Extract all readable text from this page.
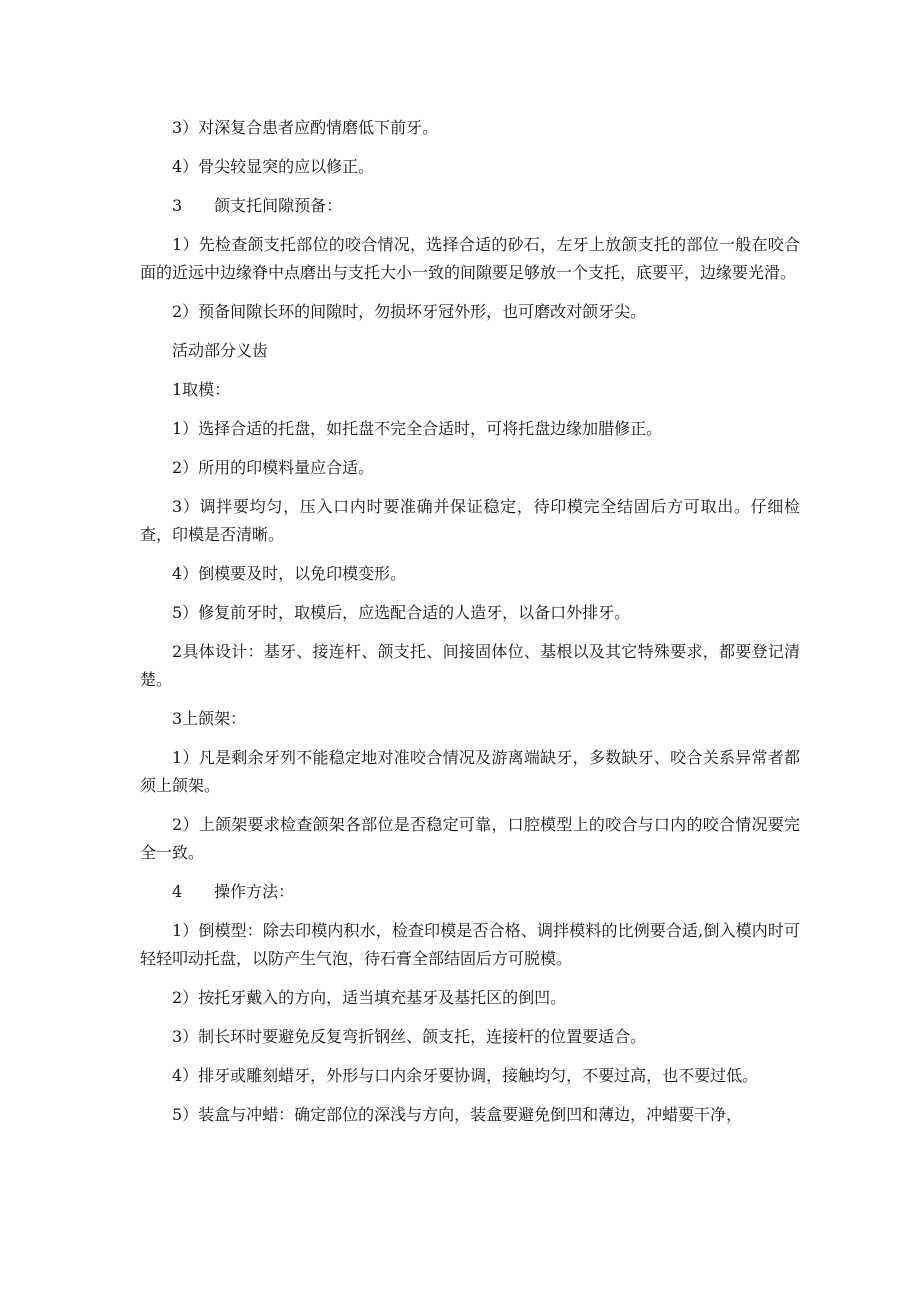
3）对深复合患者应酌情磨低下前牙。

4）骨尖较显突的应以修正。

3　　颌支托间隙预备：

1）先检查颌支托部位的咬合情况，选择合适的砂石，左牙上放颌支托的部位一般在咬合面的近远中边缘脊中点磨出与支托大小一致的间隙要足够放一个支托，底要平，边缘要光滑。

2）预备间隙长环的间隙时，勿损坏牙冠外形，也可磨改对颌牙尖。

活动部分义齿

1取模：

1）选择合适的托盘，如托盘不完全合适时，可将托盘边缘加腊修正。

2）所用的印模料量应合适。

3）调拌要均匀，压入口内时要准确并保证稳定，待印模完全结固后方可取出。仔细检查，印模是否清晰。

4）倒模要及时，以免印模变形。

5）修复前牙时，取模后，应选配合适的人造牙，以备口外排牙。

2具体设计：基牙、接连杆、颌支托、间接固体位、基根以及其它特殊要求，都要登记清楚。

3上颌架：

1）凡是剩余牙列不能稳定地对准咬合情况及游离端缺牙，多数缺牙、咬合关系异常者都须上颌架。

2）上颌架要求检查颌架各部位是否稳定可靠，口腔模型上的咬合与口内的咬合情况要完全一致。

4　　操作方法：

1）倒模型：除去印模内积水，检查印模是否合格、调拌模料的比例要合适,倒入模内时可轻轻叩动托盘，以防产生气泡，待石膏全部结固后方可脱模。

2）按托牙戴入的方向，适当填充基牙及基托区的倒凹。

3）制长环时要避免反复弯折钢丝、颌支托，连接杆的位置要适合。

4）排牙或雕刻蜡牙，外形与口内余牙要协调，接触均匀，不要过高，也不要过低。

5）装盒与冲蜡：确定部位的深浅与方向，装盒要避免倒凹和薄边，冲蜡要干净，
